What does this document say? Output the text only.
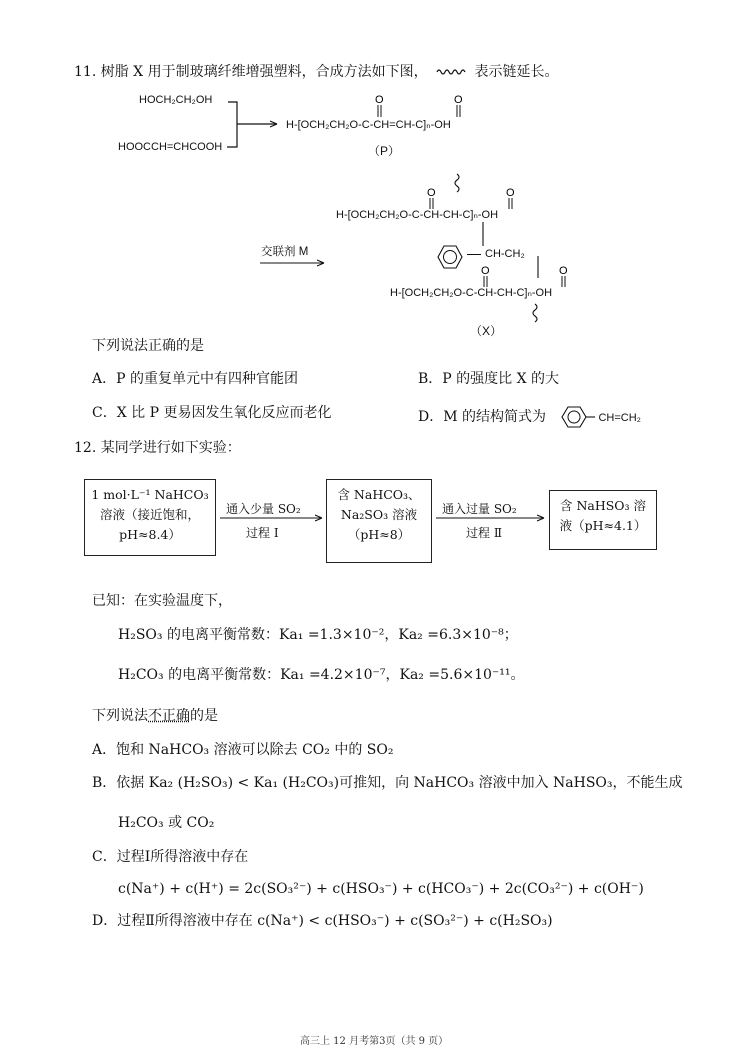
11. 树脂 X 用于制玻璃纤维增强塑料，合成方法如下图，	表示链延长。
HOCH₂CH₂OH
HOOCCH=CHCOOH
H-[OCH₂CH₂O-C-CH=CH-C]ₙ-OH
O	O
（P）
O	O
H-[OCH₂CH₂O-C-CH-CH-C]ₙ-OH
CH-CH₂
交联剂 M
O	O
H-[OCH₂CH₂O-C-CH-CH-C]ₙ-OH
（X）
下列说法正确的是
A．P 的重复单元中有四种官能团	B．P 的强度比 X 的大
C．X 比 P 更易因发生氧化反应而老化	D．M 的结构简式为	CH=CH₂
12. 某同学进行如下实验：
1 mol·L⁻¹ NaHCO₃
溶液（接近饱和，
pH≈8.4）
通入少量 SO₂
过程 Ⅰ
含 NaHCO₃、
Na₂SO₃ 溶液
（pH≈8）
通入过量 SO₂
过程 Ⅱ
含 NaHSO₃ 溶
液（pH≈4.1）
已知：在实验温度下，
H₂SO₃ 的电离平衡常数：Ka₁ =1.3×10⁻²，Ka₂ =6.3×10⁻⁸；
H₂CO₃ 的电离平衡常数：Ka₁ =4.2×10⁻⁷，Ka₂ =5.6×10⁻¹¹。
下列说法不正确的是
A．饱和 NaHCO₃ 溶液可以除去 CO₂ 中的 SO₂
B．依据 Ka₂ (H₂SO₃) < Ka₁ (H₂CO₃)可推知，向 NaHCO₃ 溶液中加入 NaHSO₃，不能生成
H₂CO₃ 或 CO₂
C．过程Ⅰ所得溶液中存在
c(Na⁺) + c(H⁺) = 2c(SO₃²⁻) + c(HSO₃⁻) + c(HCO₃⁻) + 2c(CO₃²⁻) + c(OH⁻)
D．过程Ⅱ所得溶液中存在 c(Na⁺) < c(HSO₃⁻) + c(SO₃²⁻) + c(H₂SO₃)
高三上 12 月考第3页（共 9 页）
